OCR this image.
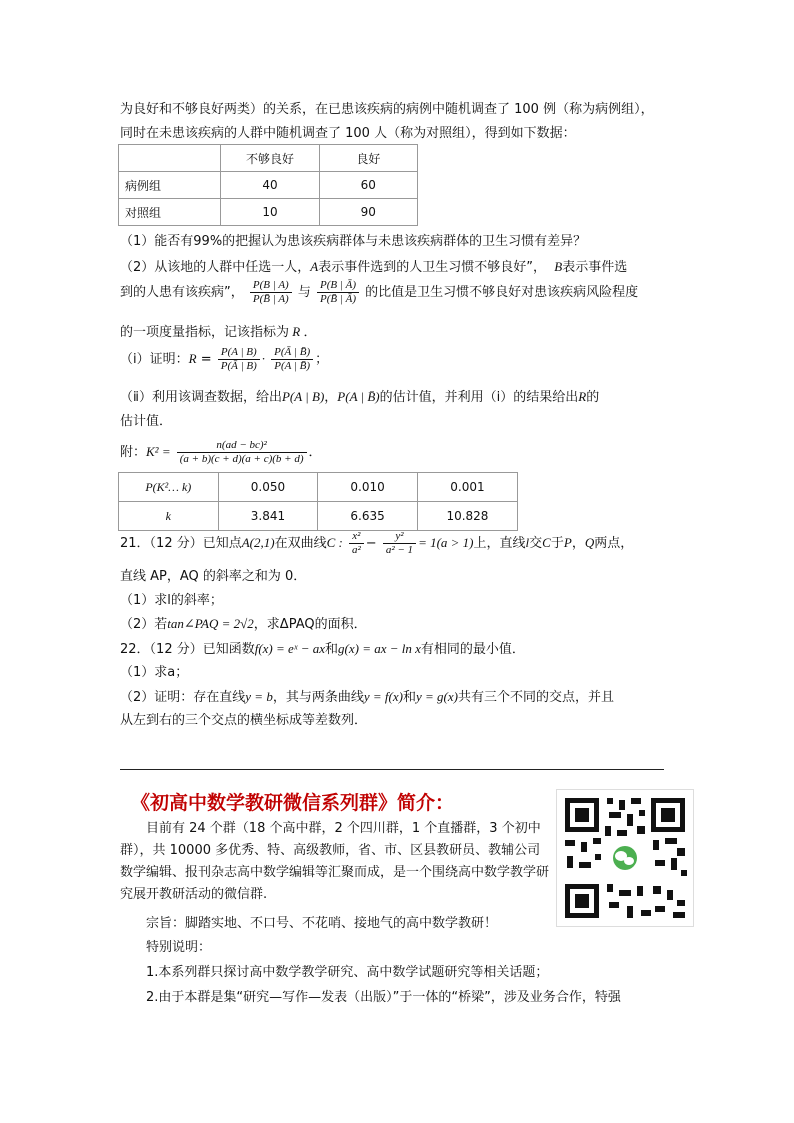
为良好和不够良好两类）的关系，在已患该疾病的病例中随机调查了 100 例（称为病例组），
同时在未患该疾病的人群中随机调查了 100 人（称为对照组），得到如下数据：
	不够良好	良好
病例组	40	60
对照组	10	90
（1）能否有99%的把握认为患该疾病群体与未患该疾病群体的卫生习惯有差异？
（2）从该地的人群中任选一人，A表示事件选到的人卫生习惯不够良好”， B表示事件选
到的人患有该疾病”， $\frac{P(B | A)}{P(B̄ | A)}$ 与 $\frac{P(B | Ā)}{P(B̄ | Ā)}$ 的比值是卫生习惯不够良好对患该疾病风险程度
的一项度量指标，记该指标为 R ．
（ⅰ）证明：$R = \frac{P(A | B)}{P(Ā | B)} \cdot \frac{P(Ā | B̄)}{P(A | B̄)}$ ；
（ⅱ）利用该调查数据，给出P(A | B)，P(A | B̄)的估计值，并利用（ⅰ）的结果给出R的
估计值．
附：$K^2 = \frac{\text{n(ad − bc)²}}{(a + b)(c + d)(a + c)(b + d)}$ ．
P(K²… k)	0.050	0.010	0.001
k	3.841	6.635	10.828
21．（12 分）已知点A(2,1)在双曲线C : $\frac{\text{x²}}{\text{a²}} - \frac{\text{y²}}{\text{a² − 1}} = 1(a > 1)$上，直线l交C于P，Q两点，
直线 AP，AQ 的斜率之和为 0．
（1）求l的斜率；
（2）若tan∠PAQ = 2√2，求ΔPAQ的面积．
22．（12 分）已知函数f(x) = eˣ − ax和g(x) = ax − ln x有相同的最小值．
（1）求a；
（2）证明：存在直线y = b，其与两条曲线y = f(x)和y = g(x)共有三个不同的交点，并且
从左到右的三个交点的横坐标成等差数列．
《初高中数学教研微信系列群》简介：
目前有 24 个群（18 个高中群，2 个四川群，1 个直播群，3 个初中群），共 10000 多优秀、特、高级教师，省、市、区县教研员、教辅公司数学编辑、报刊杂志高中数学编辑等汇聚而成，是一个围绕高中数学教学研究展开教研活动的微信群.
宗旨：脚踏实地、不口号、不花哨、接地气的高中数学教研！
特别说明：
1.本系列群只探讨高中数学教学研究、高中数学试题研究等相关话题；
2.由于本群是集“研究—写作—发表（出版）”于一体的“桥梁”，涉及业务合作，特强
